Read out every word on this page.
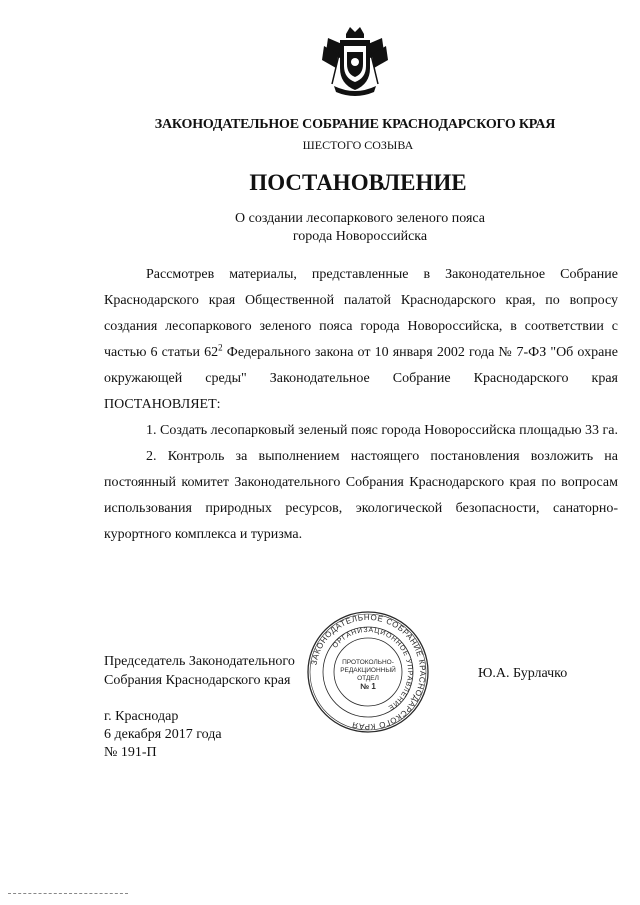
ЗАКОНОДАТЕЛЬНОЕ СОБРАНИЕ КРАСНОДАРСКОГО КРАЯ
ШЕСТОГО СОЗЫВА
ПОСТАНОВЛЕНИЕ
О создании лесопаркового зеленого пояса
города Новороссийска

Рассмотрев материалы, представленные в Законодательное Собрание Краснодарского края Общественной палатой Краснодарского края, по вопросу создания лесопаркового зеленого пояса города Новороссийска, в соответствии с частью 6 статьи $62^2$ Федерального закона от 10 января 2002 года № 7-ФЗ "Об охране окружающей среды" Законодательное Собрание Краснодарского края ПОСТАНОВЛЯЕТ:

1. Создать лесопарковый зеленый пояс города Новороссийска площадью 33 га.

2. Контроль за выполнением настоящего постановления возложить на постоянный комитет Законодательного Собрания Краснодарского края по вопросам использования природных ресурсов, экологической безопасности, санаторно-курортного комплекса и туризма.

ЗАКОНОДАТЕЛЬНОЕ СОБРАНИЕ КРАСНОДАРСКОГО КРАЯ
ОРГАНИЗАЦИОННОЕ УПРАВЛЕНИЕ
ПРОТОКОЛЬНО-
РЕДАКЦИОННЫЙ
ОТДЕЛ
№ 1
Председатель Законодательного
Собрания Краснодарского края	Ю.А. Бурлачко
г. Краснодар
6 декабря 2017 года
№ 191-П
